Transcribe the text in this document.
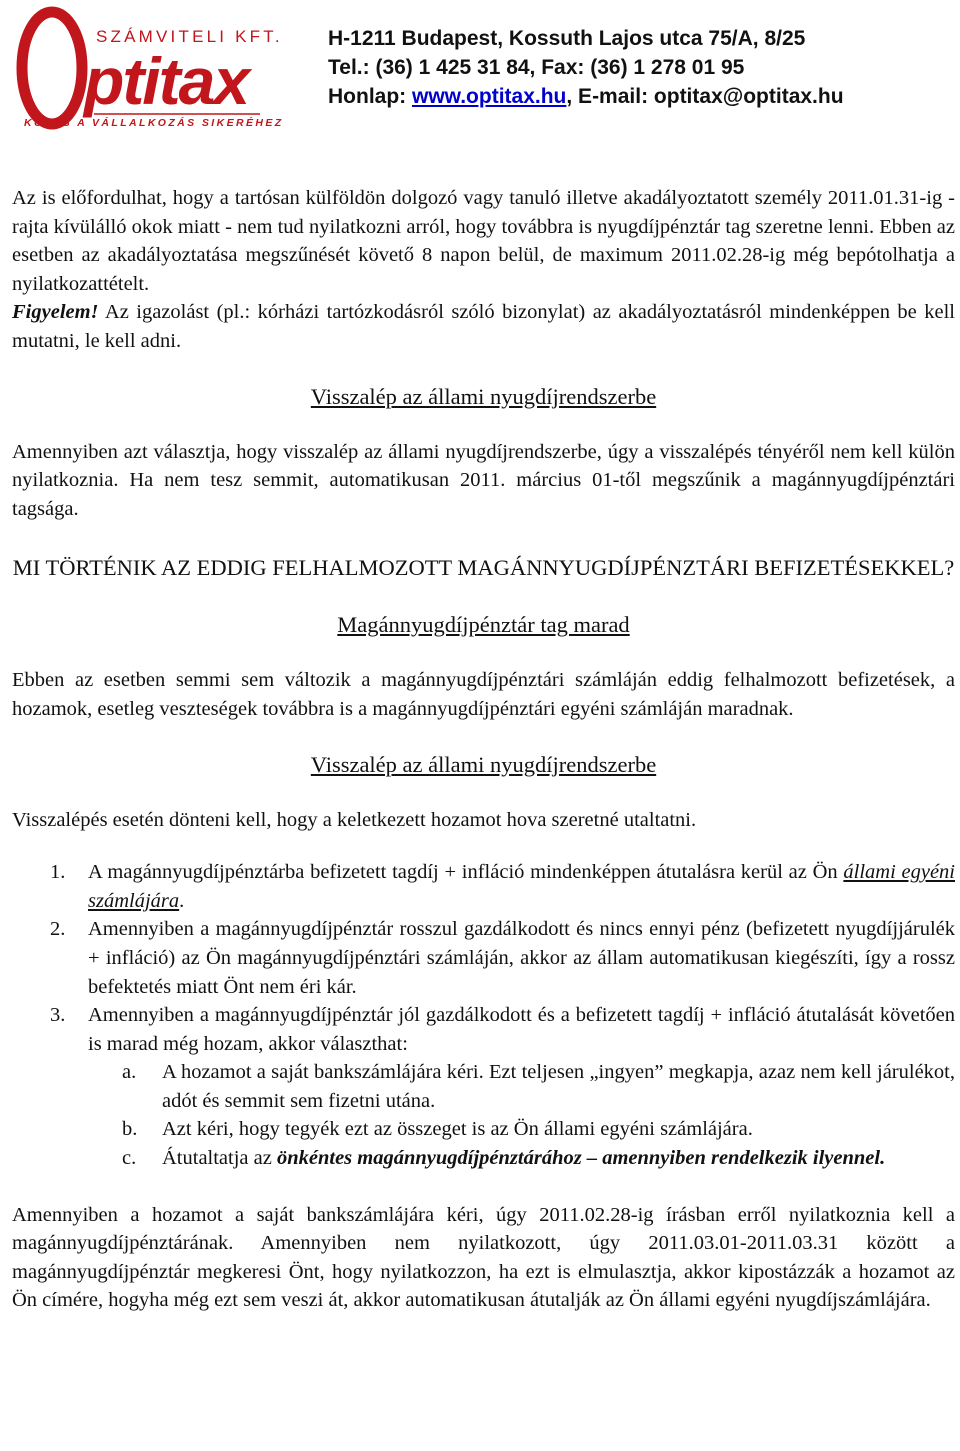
SZÁMVITELI KFT.
ptitax
KULCS A VÁLLALKOZÁS SIKERÉHEZ
H-1211 Budapest, Kossuth Lajos utca 75/A, 8/25
Tel.: (36) 1 425 31 84, Fax: (36) 1 278 01 95
Honlap: www.optitax.hu, E-mail: optitax@optitax.hu

Az is előfordulhat, hogy a tartósan külföldön dolgozó vagy tanuló illetve akadályoztatott személy 2011.01.31-ig - rajta kívülálló okok miatt - nem tud nyilatkozni arról, hogy továbbra is nyugdíjpénztár tag szeretne lenni. Ebben az esetben az akadályoztatása megszűnését követő 8 napon belül, de maximum 2011.02.28-ig még bepótolhatja a nyilatkozattételt.
Figyelem! Az igazolást (pl.: kórházi tartózkodásról szóló bizonylat) az akadályoztatásról mindenképpen be kell mutatni, le kell adni.

Visszalép az állami nyugdíjrendszerbe

Amennyiben azt választja, hogy visszalép az állami nyugdíjrendszerbe, úgy a visszalépés tényéről nem kell külön nyilatkoznia. Ha nem tesz semmit, automatikusan 2011. március 01-től megszűnik a magánnyugdíjpénztári tagsága.

MI TÖRTÉNIK AZ EDDIG FELHALMOZOTT MAGÁNNYUGDÍJPÉNZTÁRI BEFIZETÉSEKKEL?
Magánnyugdíjpénztár tag marad

Ebben az esetben semmi sem változik a magánnyugdíjpénztári számláján eddig felhalmozott befizetések, a hozamok, esetleg veszteségek továbbra is a magánnyugdíjpénztári egyéni számláján maradnak.

Visszalép az állami nyugdíjrendszerbe

Visszalépés esetén dönteni kell, hogy a keletkezett hozamot hova szeretné utaltatni.

1. A magánnyugdíjpénztárba befizetett tagdíj + infláció mindenképpen átutalásra kerül az Ön állami egyéni számlájára.
2. Amennyiben a magánnyugdíjpénztár rosszul gazdálkodott és nincs ennyi pénz (befizetett nyugdíjjárulék + infláció) az Ön magánnyugdíjpénztári számláján, akkor az állam automatikusan kiegészíti, így a rossz befektetés miatt Önt nem éri kár.
3. Amennyiben a magánnyugdíjpénztár jól gazdálkodott és a befizetett tagdíj + infláció átutalását követően is marad még hozam, akkor választhat:
a. A hozamot a saját bankszámlájára kéri. Ezt teljesen „ingyen” megkapja, azaz nem kell járulékot, adót és semmit sem fizetni utána.
b. Azt kéri, hogy tegyék ezt az összeget is az Ön állami egyéni számlájára.
c. Átutaltatja az önkéntes magánnyugdíjpénztárához – amennyiben rendelkezik ilyennel.

Amennyiben a hozamot a saját bankszámlájára kéri, úgy 2011.02.28-ig írásban erről nyilatkoznia kell a magánnyugdíjpénztárának. Amennyiben nem nyilatkozott, úgy 2011.03.01-2011.03.31 között a magánnyugdíjpénztár megkeresi Önt, hogy nyilatkozzon, ha ezt is elmulasztja, akkor kipostázzák a hozamot az Ön címére, hogyha még ezt sem veszi át, akkor automatikusan átutalják az Ön állami egyéni nyugdíjszámlájára.
